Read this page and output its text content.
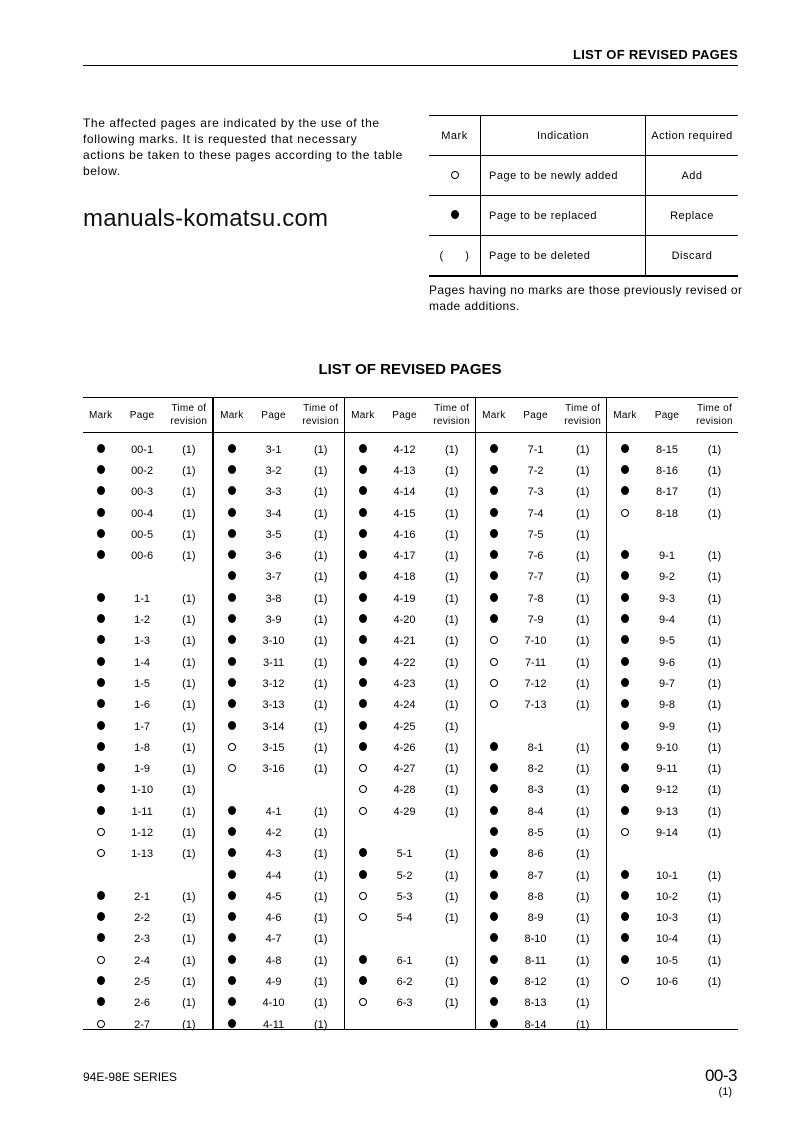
LIST OF REVISED PAGES
The affected pages are indicated by the use of the following marks. It is requested that necessary actions be taken to these pages according to the table below.
manuals-komatsu.com
Mark	Indication	Action required
	Page to be newly added	Add
	Page to be replaced	Replace
( )	Page to be deleted	Discard
Pages having no marks are those previously revised or made additions.
LIST OF REVISED PAGES
Mark	Page
Time of
revision
00-1	(1)
00-2	(1)
00-3	(1)
00-4	(1)
00-5	(1)
00-6	(1)
1-1	(1)
1-2	(1)
1-3	(1)
1-4	(1)
1-5	(1)
1-6	(1)
1-7	(1)
1-8	(1)
1-9	(1)
1-10	(1)
1-11	(1)
1-12	(1)
1-13	(1)
2-1	(1)
2-2	(1)
2-3	(1)
2-4	(1)
2-5	(1)
2-6	(1)
2-7	(1)
Mark	Page
Time of
revision
3-1	(1)
3-2	(1)
3-3	(1)
3-4	(1)
3-5	(1)
3-6	(1)
3-7	(1)
3-8	(1)
3-9	(1)
3-10	(1)
3-11	(1)
3-12	(1)
3-13	(1)
3-14	(1)
3-15	(1)
3-16	(1)
4-1	(1)
4-2	(1)
4-3	(1)
4-4	(1)
4-5	(1)
4-6	(1)
4-7	(1)
4-8	(1)
4-9	(1)
4-10	(1)
4-11	(1)
Mark	Page
Time of
revision
4-12	(1)
4-13	(1)
4-14	(1)
4-15	(1)
4-16	(1)
4-17	(1)
4-18	(1)
4-19	(1)
4-20	(1)
4-21	(1)
4-22	(1)
4-23	(1)
4-24	(1)
4-25	(1)
4-26	(1)
4-27	(1)
4-28	(1)
4-29	(1)
5-1	(1)
5-2	(1)
5-3	(1)
5-4	(1)
6-1	(1)
6-2	(1)
6-3	(1)
Mark	Page
Time of
revision
7-1	(1)
7-2	(1)
7-3	(1)
7-4	(1)
7-5	(1)
7-6	(1)
7-7	(1)
7-8	(1)
7-9	(1)
7-10	(1)
7-11	(1)
7-12	(1)
7-13	(1)
8-1	(1)
8-2	(1)
8-3	(1)
8-4	(1)
8-5	(1)
8-6	(1)
8-7	(1)
8-8	(1)
8-9	(1)
8-10	(1)
8-11	(1)
8-12	(1)
8-13	(1)
8-14	(1)
Mark	Page
Time of
revision
8-15	(1)
8-16	(1)
8-17	(1)
8-18	(1)
9-1	(1)
9-2	(1)
9-3	(1)
9-4	(1)
9-5	(1)
9-6	(1)
9-7	(1)
9-8	(1)
9-9	(1)
9-10	(1)
9-11	(1)
9-12	(1)
9-13	(1)
9-14	(1)
10-1	(1)
10-2	(1)
10-3	(1)
10-4	(1)
10-5	(1)
10-6	(1)
94E-98E SERIES	00-3
(1)
